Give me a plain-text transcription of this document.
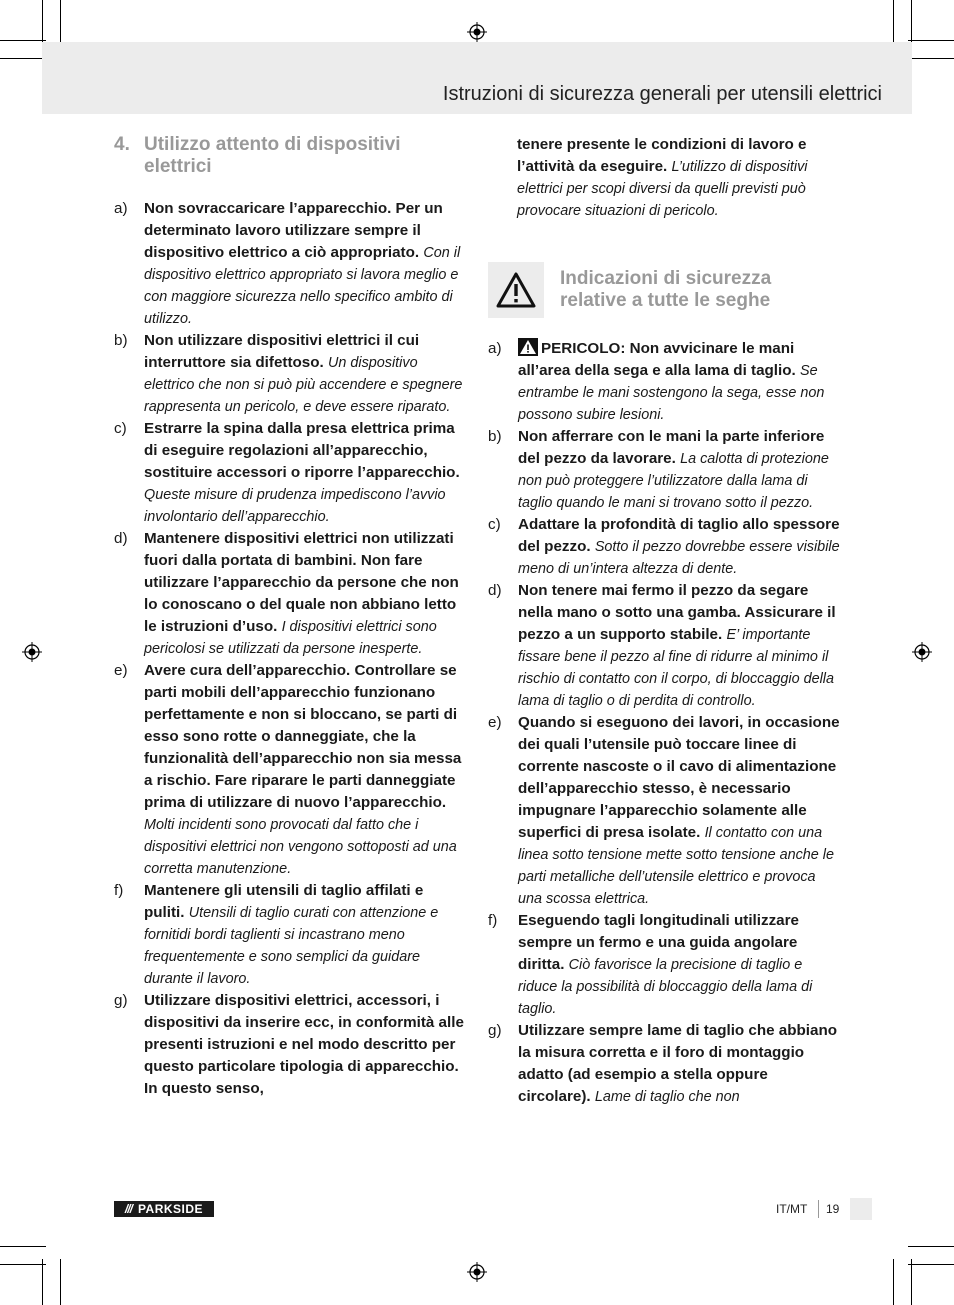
Istruzioni di sicurezza generali per utensili elettrici
4. Utilizzo attento di dispositivi elettrici
a)	Non sovraccaricare l’apparecchio. Per un determinato lavoro utilizzare sempre il dispositivo elettrico a ciò appropriato. Con il dispositivo elettrico appropriato si lavora meglio e con maggiore sicurezza nello specifico ambito di utilizzo.
b)	Non utilizzare dispositivi elettrici il cui interruttore sia difettoso. Un dispositivo elettrico che non si può più accendere e spegnere rappresenta un pericolo, e deve essere riparato.
c)	Estrarre la spina dalla presa elettrica prima di eseguire regolazioni all’apparecchio, sostituire accessori o riporre l’apparecchio. Queste misure di prudenza impediscono l’avvio involontario dell’apparecchio.
d)	Mantenere dispositivi elettrici non utilizzati fuori dalla portata di bambini. Non fare utilizzare l’apparecchio da persone che non lo conoscano o del quale non abbiano letto le istruzioni d’uso. I dispositivi elettrici sono pericolosi se utilizzati da persone inesperte.
e)	Avere cura dell’apparecchio. Controllare se parti mobili dell’apparecchio funzionano perfettamente e non si bloccano, se parti di esso sono rotte o danneggiate, che la funzionalità dell’apparecchio non sia messa a rischio. Fare riparare le parti danneggiate prima di utilizzare di nuovo l’apparecchio. Molti incidenti sono provocati dal fatto che i dispositivi elettrici non vengono sottoposti ad una corretta manutenzione.
f)	Mantenere gli utensili di taglio affilati e puliti. Utensili di taglio curati con attenzione e fornitidi bordi taglienti si incastrano meno frequentemente e sono semplici da guidare durante il lavoro.
g)	Utilizzare dispositivi elettrici, accessori, i dispositivi da inserire ecc, in conformità alle presenti istruzioni e nel modo descritto per questo particolare tipologia di apparecchio. In questo senso,
tenere presente le condizioni di lavoro e l’attività da eseguire. L’utilizzo di dispositivi elettrici per scopi diversi da quelli previsti può provocare situazioni di pericolo.
Indicazioni di sicurezza relative a tutte le seghe
a)	PERICOLO: Non avvicinare le mani all’area della sega e alla lama di taglio. Se entrambe le mani sostengono la sega, esse non possono subire lesioni.
b)	Non afferrare con le mani la parte inferiore del pezzo da lavorare. La calotta di protezione non può proteggere l’utilizzatore dalla lama di taglio quando le mani si trovano sotto il pezzo.
c)	Adattare la profondità di taglio allo spessore del pezzo. Sotto il pezzo dovrebbe essere visibile meno di un’intera altezza di dente.
d)	Non tenere mai fermo il pezzo da segare nella mano o sotto una gamba. Assicurare il pezzo a un supporto stabile. E’ importante fissare bene il pezzo al fine di ridurre al minimo il rischio di contatto con il corpo, di bloccaggio della lama di taglio o di perdita di controllo.
e)	Quando si eseguono dei lavori, in occasione dei quali l’utensile può toccare linee di corrente nascoste o il cavo di alimentazione dell’apparecchio stesso, è necessario impugnare l’apparecchio solamente alle superfici di presa isolate. Il contatto con una linea sotto tensione mette sotto tensione anche le parti metalliche dell’utensile elettrico e provoca una scossa elettrica.
f)	Eseguendo tagli longitudinali utilizzare sempre un fermo e una guida angolare diritta. Ciò favorisce la precisione di taglio e riduce la possibilità di bloccaggio della lama di taglio.
g)	Utilizzare sempre lame di taglio che abbiano la misura corretta e il foro di montaggio adatto (ad esempio a stella oppure circolare). Lame di taglio che non
/// PARKSIDE	IT/MT 19
